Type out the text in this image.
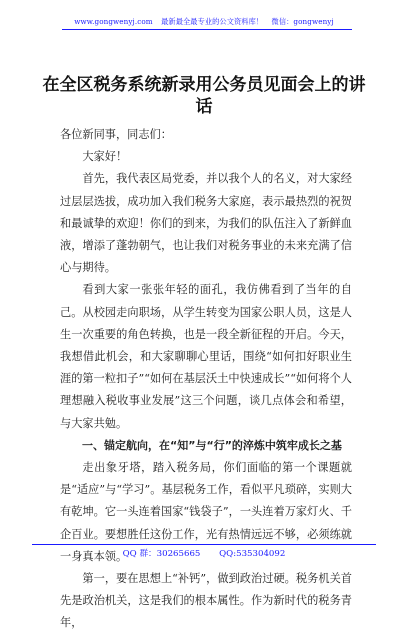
www.gongwenyj.com 最新最全最专业的公文资料库！ 微信：gongwenyj
在全区税务系统新录用公务员见面会上的讲话

各位新同事，同志们：

大家好！

首先，我代表区局党委，并以我个人的名义，对大家经过层层选拔，成功加入我们税务大家庭，表示最热烈的祝贺和最诚挚的欢迎！你们的到来，为我们的队伍注入了新鲜血液，增添了蓬勃朝气，也让我们对税务事业的未来充满了信心与期待。

看到大家一张张年轻的面孔，我仿佛看到了当年的自己。从校园走向职场，从学生转变为国家公职人员，这是人生一次重要的角色转换，也是一段全新征程的开启。今天，我想借此机会，和大家聊聊心里话，围绕“如何扣好职业生涯的第一粒扣子”“如何在基层沃土中快速成长”“如何将个人理想融入税收事业发展”这三个问题，谈几点体会和希望，与大家共勉。

一、锚定航向，在“知”与“行”的淬炼中筑牢成长之基

走出象牙塔，踏入税务局，你们面临的第一个课题就是“适应”与“学习”。基层税务工作，看似平凡琐碎，实则大有乾坤。它一头连着国家“钱袋子”，一头连着万家灯火、千企百业。要想胜任这份工作，光有热情远远不够，必须练就一身真本领。

第一，要在思想上“补钙”，做到政治过硬。税务机关首先是政治机关，这是我们的根本属性。作为新时代的税务青年，

QQ 群：30265665 QQ:535304092
